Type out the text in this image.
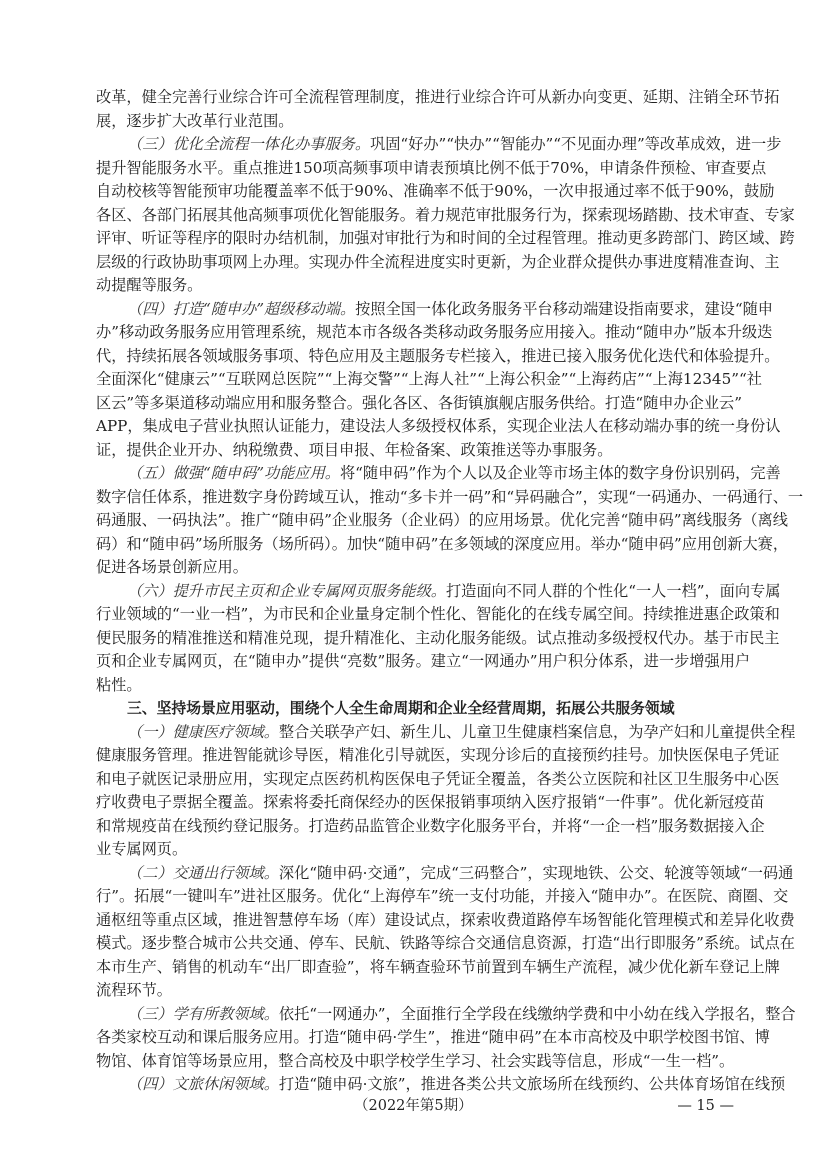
改革，健全完善行业综合许可全流程管理制度，推进行业综合许可从新办向变更、延期、注销全环节拓
展，逐步扩大改革行业范围。
（三）优化全流程一体化办事服务。巩固“好办”“快办”“智能办”“不见面办理”等改革成效，进一步
提升智能服务水平。重点推进150项高频事项申请表预填比例不低于70%，申请条件预检、审查要点
自动校核等智能预审功能覆盖率不低于90%、准确率不低于90%，一次申报通过率不低于90%，鼓励
各区、各部门拓展其他高频事项优化智能服务。着力规范审批服务行为，探索现场踏勘、技术审查、专家
评审、听证等程序的限时办结机制，加强对审批行为和时间的全过程管理。推动更多跨部门、跨区域、跨
层级的行政协助事项网上办理。实现办件全流程进度实时更新，为企业群众提供办事进度精准查询、主
动提醒等服务。
（四）打造“随申办”超级移动端。按照全国一体化政务服务平台移动端建设指南要求，建设“随申
办”移动政务服务应用管理系统，规范本市各级各类移动政务服务应用接入。推动“随申办”版本升级迭
代，持续拓展各领域服务事项、特色应用及主题服务专栏接入，推进已接入服务优化迭代和体验提升。
全面深化“健康云”“互联网总医院”“上海交警”“上海人社”“上海公积金”“上海药店”“上海12345”“社
区云”等多渠道移动端应用和服务整合。强化各区、各街镇旗舰店服务供给。打造“随申办企业云”
APP，集成电子营业执照认证能力，建设法人多级授权体系，实现企业法人在移动端办事的统一身份认
证，提供企业开办、纳税缴费、项目申报、年检备案、政策推送等办事服务。
（五）做强“随申码”功能应用。将“随申码”作为个人以及企业等市场主体的数字身份识别码，完善
数字信任体系，推进数字身份跨域互认，推动“多卡并一码”和“异码融合”，实现“一码通办、一码通行、一
码通服、一码执法”。推广“随申码”企业服务（企业码）的应用场景。优化完善“随申码”离线服务（离线
码）和“随申码”场所服务（场所码）。加快“随申码”在多领域的深度应用。举办“随申码”应用创新大赛，
促进各场景创新应用。
（六）提升市民主页和企业专属网页服务能级。打造面向不同人群的个性化“一人一档”，面向专属
行业领域的“一业一档”，为市民和企业量身定制个性化、智能化的在线专属空间。持续推进惠企政策和
便民服务的精准推送和精准兑现，提升精准化、主动化服务能级。试点推动多级授权代办。基于市民主
页和企业专属网页，在“随申办”提供“亮数”服务。建立“一网通办”用户积分体系，进一步增强用户
粘性。
三、坚持场景应用驱动，围绕个人全生命周期和企业全经营周期，拓展公共服务领域
（一）健康医疗领域。整合关联孕产妇、新生儿、儿童卫生健康档案信息，为孕产妇和儿童提供全程
健康服务管理。推进智能就诊导医，精准化引导就医，实现分诊后的直接预约挂号。加快医保电子凭证
和电子就医记录册应用，实现定点医药机构医保电子凭证全覆盖，各类公立医院和社区卫生服务中心医
疗收费电子票据全覆盖。探索将委托商保经办的医保报销事项纳入医疗报销“一件事”。优化新冠疫苗
和常规疫苗在线预约登记服务。打造药品监管企业数字化服务平台，并将“一企一档”服务数据接入企
业专属网页。
（二）交通出行领域。深化“随申码·交通”，完成“三码整合”，实现地铁、公交、轮渡等领域“一码通
行”。拓展“一键叫车”进社区服务。优化“上海停车”统一支付功能，并接入“随申办”。在医院、商圈、交
通枢纽等重点区域，推进智慧停车场（库）建设试点，探索收费道路停车场智能化管理模式和差异化收费
模式。逐步整合城市公共交通、停车、民航、铁路等综合交通信息资源，打造“出行即服务”系统。试点在
本市生产、销售的机动车“出厂即查验”，将车辆查验环节前置到车辆生产流程，减少优化新车登记上牌
流程环节。
（三）学有所教领域。依托“一网通办”，全面推行全学段在线缴纳学费和中小幼在线入学报名，整合
各类家校互动和课后服务应用。打造“随申码·学生”，推进“随申码”在本市高校及中职学校图书馆、博
物馆、体育馆等场景应用，整合高校及中职学校学生学习、社会实践等信息，形成“一生一档”。
（四）文旅休闲领域。打造“随申码·文旅”，推进各类公共文旅场所在线预约、公共体育场馆在线预
（2022年第5期）	— 15 —
